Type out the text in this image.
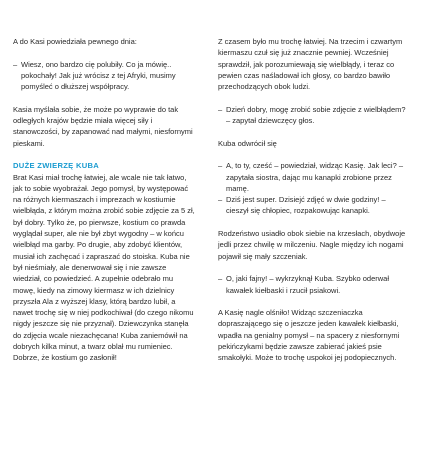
A do Kasi powiedziała pewnego dnia:

– Wiesz, ono bardzo cię polubiły. Co ja mówię.. pokochały! Jak już wrócisz z tej Afryki, musimy pomyśleć o dłuższej współpracy.

Kasia myślała sobie, że może po wyprawie do tak odległych krajów będzie miała więcej siły i stanowczości, by zapanować nad małymi, niesfornymi pieskami.

DUŻE ZWIERZĘ KUBA

Brat Kasi miał trochę łatwiej, ale wcale nie tak łatwo, jak to sobie wyobrażał. Jego pomysł, by występować na różnych kiermaszach i imprezach w kostiumie wielbłąda, z którym można zrobić sobie zdjęcie za 5 zł, był dobry. Tylko że, po pierwsze, kostium co prawda wyglądał super, ale nie był zbyt wygodny – w końcu wielbłąd ma garby. Po drugie, aby zdobyć klientów, musiał ich zachęcać i zapraszać do stoiska. Kuba nie był nieśmiały, ale denerwował się i nie zawsze wiedział, co powiedzieć. A zupełnie odebrało mu mowę, kiedy na zimowy kiermasz w ich dzielnicy przyszła Ala z wyższej klasy, którą bardzo lubił, a nawet trochę się w niej podkochiwał (do czego nikomu nigdy jeszcze się nie przyznał). Dziewczynka stanęła do zdjęcia wcale niezachęcana! Kuba zaniemówił na dobrych kilka minut, a twarz oblał mu rumieniec. Dobrze, że kostium go zasłonił!

Z czasem było mu trochę łatwiej. Na trzecim i czwartym kiermaszu czuł się już znacznie pewniej. Wcześniej sprawdził, jak porozumiewają się wielbłądy, i teraz co pewien czas naśladował ich głosy, co bardzo bawiło przechodzących obok ludzi.

– Dzień dobry, mogę zrobić sobie zdjęcie z wielbłądem? – zapytał dziewczęcy głos.

Kuba odwrócił się

– A, to ty, cześć – powiedział, widząc Kasię. Jak leci? – zapytała siostra, dając mu kanapki zrobione przez mamę.

– Dziś jest super. Dzisiejć zdjęć w dwie godziny! – cieszył się chłopiec, rozpakowując kanapki.

Rodzeństwo usiadło obok siebie na krzesłach, obydwoje jedli przez chwilę w milczeniu. Nagle między ich nogami pojawił się mały szczeniak.

– O, jaki fajny! – wykrzyknął Kuba. Szybko oderwał kawałek kiełbaski i rzucił psiakowi.

A Kasię nagle olśniło! Widząc szczeniaczka dopraszającego się o jeszcze jeden kawałek kiełbaski, wpadła na genialny pomysł – na spacery z niesfornymi pekińczykami będzie zawsze zabierać jakieś psie smakołyki. Może to trochę uspokoi jej podopiecznych.
